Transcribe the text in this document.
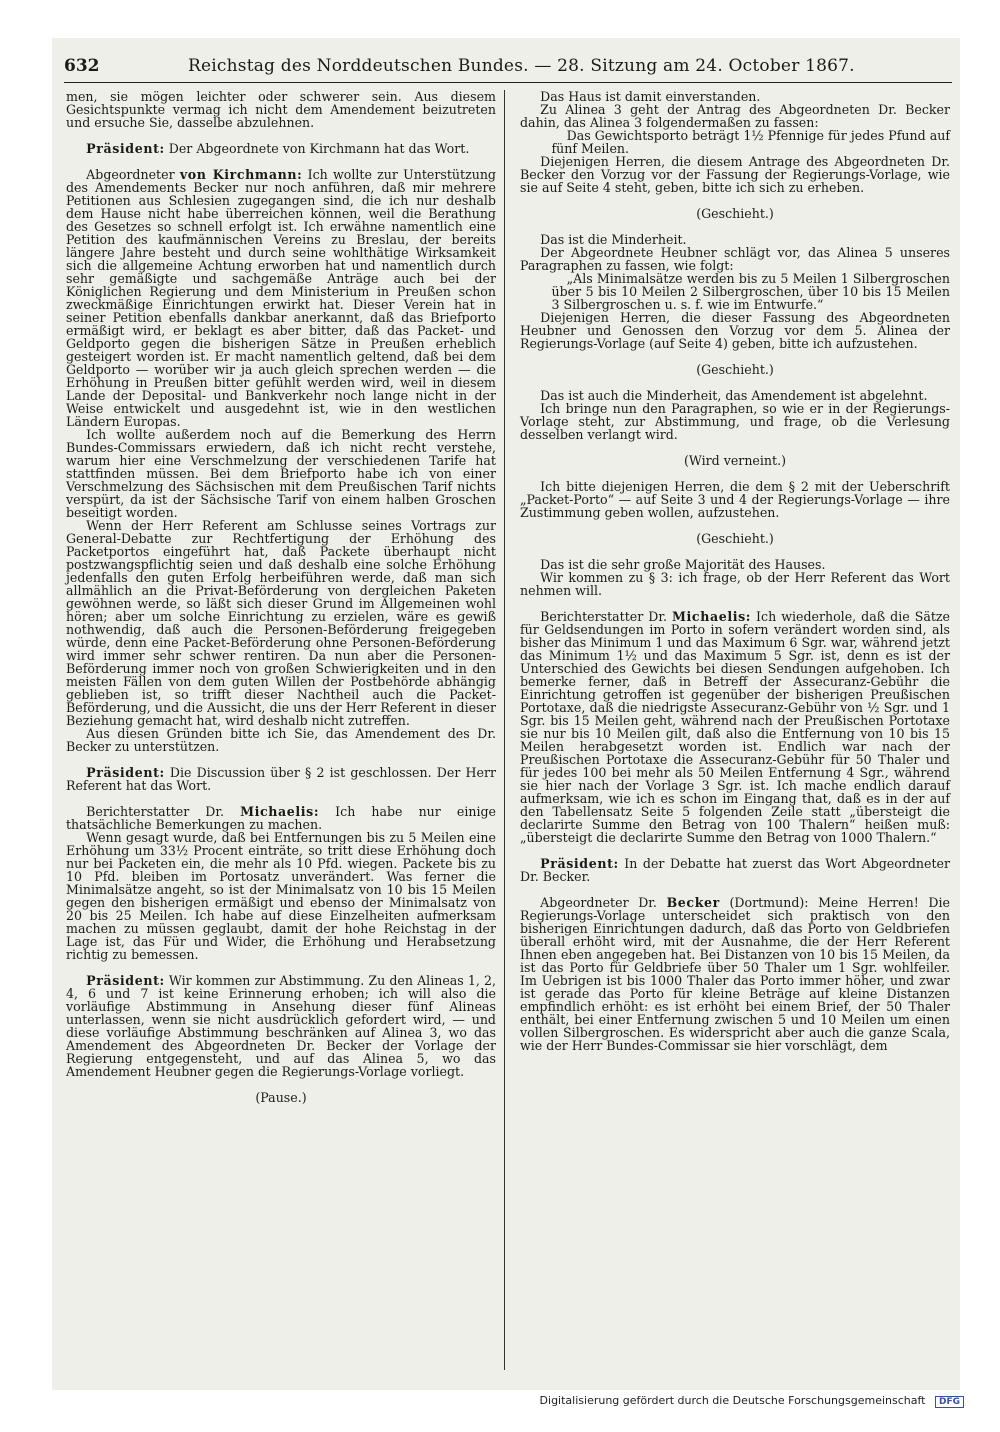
632	Reichstag des Norddeutschen Bundes. — 28. Sitzung am 24. October 1867.

men, sie mögen leichter oder schwerer sein. Aus diesem Gesichtspunkte vermag ich nicht dem Amendement beizutreten und ersuche Sie, dasselbe abzulehnen.

Präsident: Der Abgeordnete von Kirchmann hat das Wort.

Abgeordneter von Kirchmann: Ich wollte zur Unterstützung des Amendements Becker nur noch anführen, daß mir mehrere Petitionen aus Schlesien zugegangen sind, die ich nur deshalb dem Hause nicht habe überreichen können, weil die Berathung des Gesetzes so schnell erfolgt ist. Ich erwähne namentlich eine Petition des kaufmännischen Vereins zu Breslau, der bereits längere Jahre besteht und durch seine wohlthätige Wirksamkeit sich die allgemeine Achtung erworben hat und namentlich durch sehr gemäßigte und sachgemäße Anträge auch bei der Königlichen Regierung und dem Ministerium in Preußen schon zweckmäßige Einrichtungen erwirkt hat. Dieser Verein hat in seiner Petition ebenfalls dankbar anerkannt, daß das Briefporto ermäßigt wird, er beklagt es aber bitter, daß das Packet- und Geldporto gegen die bisherigen Sätze in Preußen erheblich gesteigert worden ist. Er macht namentlich geltend, daß bei dem Geldporto — worüber wir ja auch gleich sprechen werden — die Erhöhung in Preußen bitter gefühlt werden wird, weil in diesem Lande der Deposital- und Bankverkehr noch lange nicht in der Weise entwickelt und ausgedehnt ist, wie in den westlichen Ländern Europas.

Ich wollte außerdem noch auf die Bemerkung des Herrn Bundes-Commissars erwiedern, daß ich nicht recht verstehe, warum hier eine Verschmelzung der verschiedenen Tarife hat stattfinden müssen. Bei dem Briefporto habe ich von einer Verschmelzung des Sächsischen mit dem Preußischen Tarif nichts verspürt, da ist der Sächsische Tarif von einem halben Groschen beseitigt worden.

Wenn der Herr Referent am Schlusse seines Vortrags zur General-Debatte zur Rechtfertigung der Erhöhung des Packetportos eingeführt hat, daß Packete überhaupt nicht postzwangspflichtig seien und daß deshalb eine solche Erhöhung jedenfalls den guten Erfolg herbeiführen werde, daß man sich allmählich an die Privat-Beförderung von dergleichen Paketen gewöhnen werde, so läßt sich dieser Grund im Allgemeinen wohl hören; aber um solche Einrichtung zu erzielen, wäre es gewiß nothwendig, daß auch die Personen-Beförderung freigegeben würde, denn eine Packet-Beförderung ohne Personen-Beförderung wird immer sehr schwer rentiren. Da nun aber die Personen-Beförderung immer noch von großen Schwierigkeiten und in den meisten Fällen von dem guten Willen der Postbehörde abhängig geblieben ist, so trifft dieser Nachtheil auch die Packet-Beförderung, und die Aussicht, die uns der Herr Referent in dieser Beziehung gemacht hat, wird deshalb nicht zutreffen.

Aus diesen Gründen bitte ich Sie, das Amendement des Dr. Becker zu unterstützen.

Präsident: Die Discussion über § 2 ist geschlossen. Der Herr Referent hat das Wort.

Berichterstatter Dr. Michaelis: Ich habe nur einige thatsächliche Bemerkungen zu machen.

Wenn gesagt wurde, daß bei Entfernungen bis zu 5 Meilen eine Erhöhung um 33½ Procent einträte, so tritt diese Erhöhung doch nur bei Packeten ein, die mehr als 10 Pfd. wiegen. Packete bis zu 10 Pfd. bleiben im Portosatz unverändert. Was ferner die Minimalsätze angeht, so ist der Minimalsatz von 10 bis 15 Meilen gegen den bisherigen ermäßigt und ebenso der Minimalsatz von 20 bis 25 Meilen. Ich habe auf diese Einzelheiten aufmerksam machen zu müssen geglaubt, damit der hohe Reichstag in der Lage ist, das Für und Wider, die Erhöhung und Herabsetzung richtig zu bemessen.

Präsident: Wir kommen zur Abstimmung. Zu den Alineas 1, 2, 4, 6 und 7 ist keine Erinnerung erhoben; ich will also die vorläufige Abstimmung in Ansehung dieser fünf Alineas unterlassen, wenn sie nicht ausdrücklich gefordert wird, — und diese vorläufige Abstimmung beschränken auf Alinea 3, wo das Amendement des Abgeordneten Dr. Becker der Vorlage der Regierung entgegensteht, und auf das Alinea 5, wo das Amendement Heubner gegen die Regierungs-Vorlage vorliegt.

(Pause.)

Das Haus ist damit einverstanden.

Zu Alinea 3 geht der Antrag des Abgeordneten Dr. Becker dahin, das Alinea 3 folgendermaßen zu fassen:

Das Gewichtsporto beträgt 1½ Pfennige für jedes Pfund auf fünf Meilen.

Diejenigen Herren, die diesem Antrage des Abgeordneten Dr. Becker den Vorzug vor der Fassung der Regierungs-Vorlage, wie sie auf Seite 4 steht, geben, bitte ich sich zu erheben.

(Geschieht.)

Das ist die Minderheit.

Der Abgeordnete Heubner schlägt vor, das Alinea 5 unseres Paragraphen zu fassen, wie folgt:

„Als Minimalsätze werden bis zu 5 Meilen 1 Silbergroschen über 5 bis 10 Meilen 2 Silbergroschen, über 10 bis 15 Meilen 3 Silbergroschen u. s. f. wie im Entwurfe.“

Diejenigen Herren, die dieser Fassung des Abgeordneten Heubner und Genossen den Vorzug vor dem 5. Alinea der Regierungs-Vorlage (auf Seite 4) geben, bitte ich aufzustehen.

(Geschieht.)

Das ist auch die Minderheit, das Amendement ist abgelehnt.

Ich bringe nun den Paragraphen, so wie er in der Regierungs-Vorlage steht, zur Abstimmung, und frage, ob die Verlesung desselben verlangt wird.

(Wird verneint.)

Ich bitte diejenigen Herren, die dem § 2 mit der Ueberschrift „Packet-Porto“ — auf Seite 3 und 4 der Regierungs-Vorlage — ihre Zustimmung geben wollen, aufzustehen.

(Geschieht.)

Das ist die sehr große Majorität des Hauses.

Wir kommen zu § 3: ich frage, ob der Herr Referent das Wort nehmen will.

Berichterstatter Dr. Michaelis: Ich wiederhole, daß die Sätze für Geldsendungen im Porto in sofern verändert worden sind, als bisher das Minimum 1 und das Maximum 6 Sgr. war, während jetzt das Minimum 1½ und das Maximum 5 Sgr. ist, denn es ist der Unterschied des Gewichts bei diesen Sendungen aufgehoben. Ich bemerke ferner, daß in Betreff der Assecuranz-Gebühr die Einrichtung getroffen ist gegenüber der bisherigen Preußischen Portotaxe, daß die niedrigste Assecuranz-Gebühr von ½ Sgr. und 1 Sgr. bis 15 Meilen geht, während nach der Preußischen Portotaxe sie nur bis 10 Meilen gilt, daß also die Entfernung von 10 bis 15 Meilen herabgesetzt worden ist. Endlich war nach der Preußischen Portotaxe die Assecuranz-Gebühr für 50 Thaler und für jedes 100 bei mehr als 50 Meilen Entfernung 4 Sgr., während sie hier nach der Vorlage 3 Sgr. ist. Ich mache endlich darauf aufmerksam, wie ich es schon im Eingang that, daß es in der auf den Tabellensatz Seite 5 folgenden Zeile statt „übersteigt die declarirte Summe den Betrag von 100 Thalern“ heißen muß: „übersteigt die declarirte Summe den Betrag von 1000 Thalern.“

Präsident: In der Debatte hat zuerst das Wort Abgeordneter Dr. Becker.

Abgeordneter Dr. Becker (Dortmund): Meine Herren! Die Regierungs-Vorlage unterscheidet sich praktisch von den bisherigen Einrichtungen dadurch, daß das Porto von Geldbriefen überall erhöht wird, mit der Ausnahme, die der Herr Referent Ihnen eben angegeben hat. Bei Distanzen von 10 bis 15 Meilen, da ist das Porto für Geldbriefe über 50 Thaler um 1 Sgr. wohlfeiler. Im Uebrigen ist bis 1000 Thaler das Porto immer höher, und zwar ist gerade das Porto für kleine Beträge auf kleine Distanzen empfindlich erhöht: es ist erhöht bei einem Brief, der 50 Thaler enthält, bei einer Entfernung zwischen 5 und 10 Meilen um einen vollen Silbergroschen. Es widerspricht aber auch die ganze Scala, wie der Herr Bundes-Commissar sie hier vorschlägt, dem

Digitalisierung gefördert durch die Deutsche Forschungsgemeinschaft DFG
